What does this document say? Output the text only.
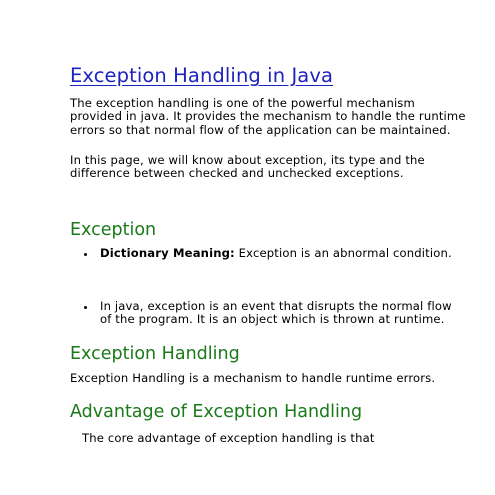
Exception Handling in Java

The exception handling is one of the powerful mechanism provided in java. It provides the mechanism to handle the runtime errors so that normal flow of the application can be maintained.

In this page, we will know about exception, its type and the difference between checked and unchecked exceptions.

Exception
Dictionary Meaning: Exception is an abnormal condition.
In java, exception is an event that disrupts the normal flow of the program. It is an object which is thrown at runtime.
Exception Handling

Exception Handling is a mechanism to handle runtime errors.

Advantage of Exception Handling

The core advantage of exception handling is that
